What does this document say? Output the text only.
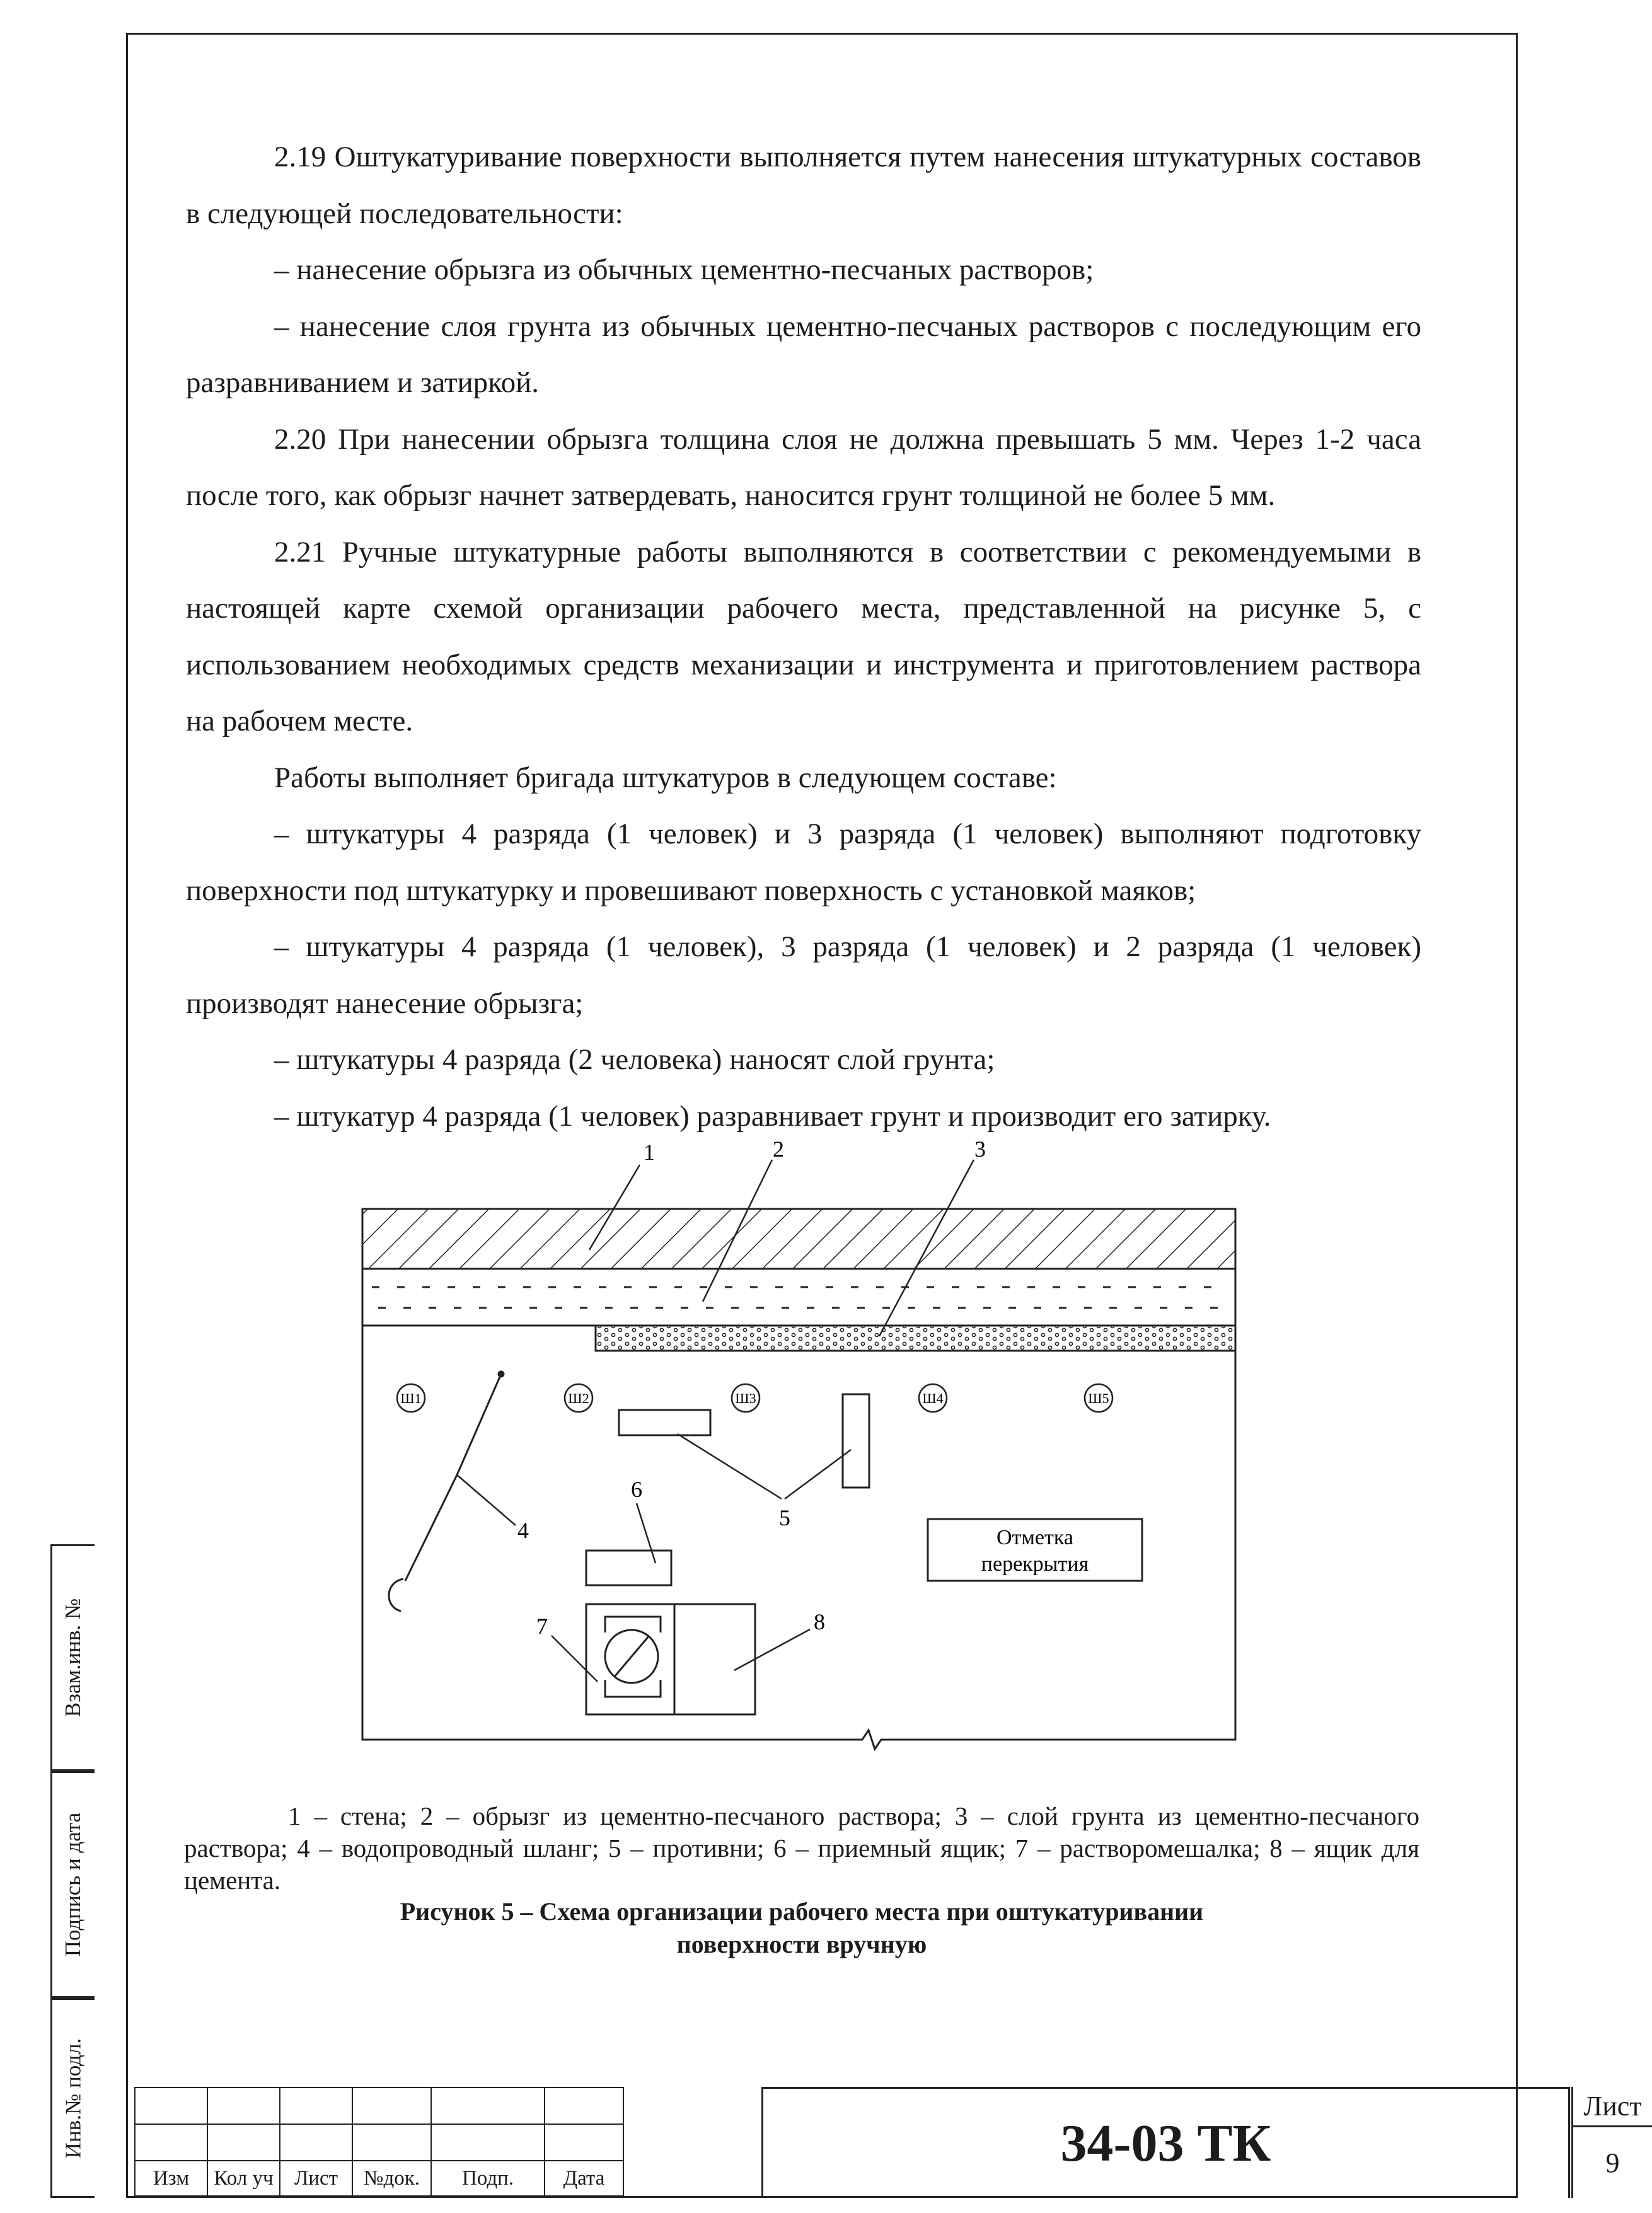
2.19 Оштукатуривание поверхности выполняется путем нанесения штукатурных составов в следующей последовательности:

– нанесение обрызга из обычных цементно-песчаных растворов;

– нанесение слоя грунта из обычных цементно-песчаных растворов с последующим его разравниванием и затиркой.

2.20 При нанесении обрызга толщина слоя не должна превышать 5 мм. Через 1-2 часа после того, как обрызг начнет затвердевать, наносится грунт толщиной не более 5 мм.

2.21 Ручные штукатурные работы выполняются в соответствии с рекомендуемыми в настоящей карте схемой организации рабочего места, представленной на рисунке 5, с использованием необходимых средств механизации и инструмента и приготовлением раствора на рабочем месте.

Работы выполняет бригада штукатуров в следующем составе:

– штукатуры 4 разряда (1 человек) и 3 разряда (1 человек) выполняют подготовку поверхности под штукатурку и провешивают поверхность с установкой маяков;

– штукатуры 4 разряда (1 человек), 3 разряда (1 человек) и 2 разряда (1 человек) производят нанесение обрызга;

– штукатуры 4 разряда (2 человека) наносят слой грунта;

– штукатур 4 разряда (1 человек) разравнивает грунт и производит его затирку.

Ш1	Ш2	Ш3	Ш4	Ш5
Отметка
перекрытия
1	2	3
4	5
6
7	8

1 – стена; 2 – обрызг из цементно-песчаного раствора; 3 – слой грунта из цементно-песчаного раствора; 4 – водопроводный шланг; 5 – противни; 6 – приемный ящик; 7 – растворомешалка; 8 – ящик для цемента.

Рисунок 5 – Схема организации рабочего места при оштукатуривании
поверхности вручную
Взам.инв. №
Подпись и дата
Инв.№ подл.

Изм	Кол уч	Лист	№док.	Подп.	Дата
34-03 ТК
Лист
9
